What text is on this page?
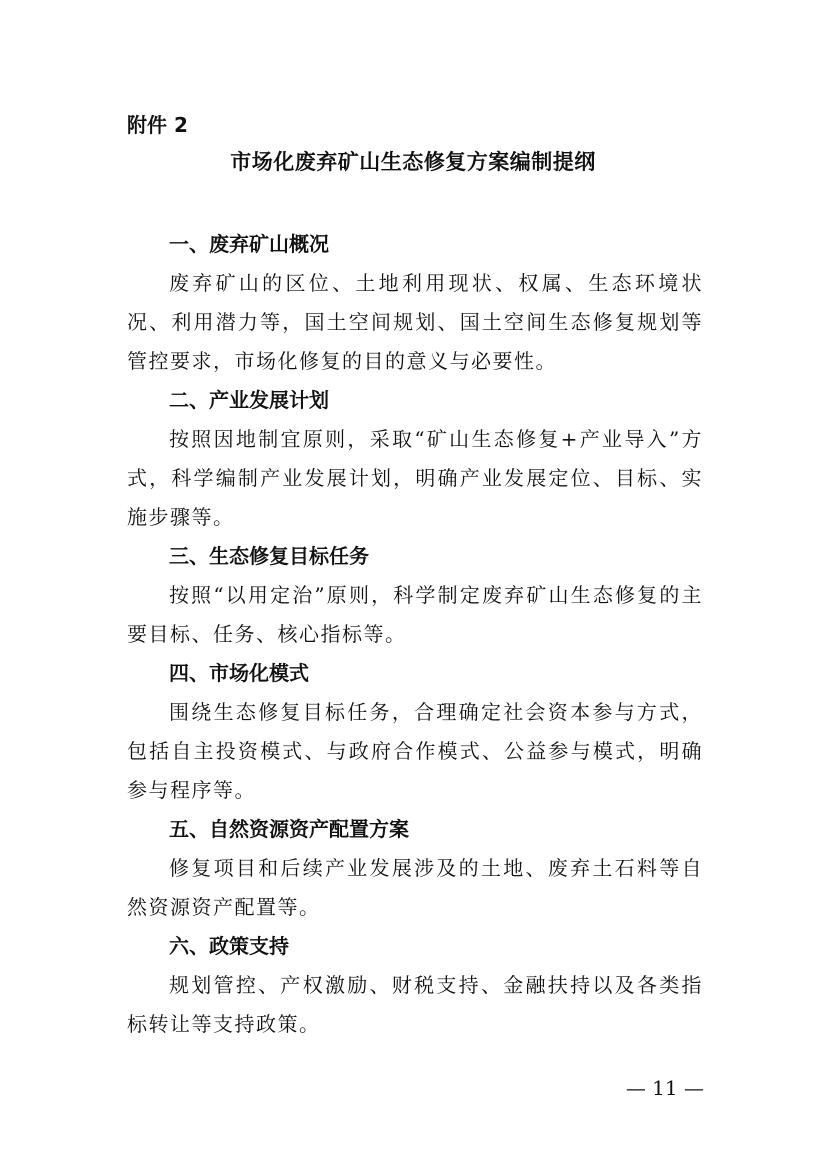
附件 2
市场化废弃矿山生态修复方案编制提纲
一、废弃矿山概况

废弃矿山的区位、土地利用现状、权属、生态环境状况、利用潜力等，国土空间规划、国土空间生态修复规划等管控要求，市场化修复的目的意义与必要性。

二、产业发展计划

按照因地制宜原则，采取“矿山生态修复+产业导入”方式，科学编制产业发展计划，明确产业发展定位、目标、实施步骤等。

三、生态修复目标任务

按照“以用定治”原则，科学制定废弃矿山生态修复的主要目标、任务、核心指标等。

四、市场化模式

围绕生态修复目标任务，合理确定社会资本参与方式，包括自主投资模式、与政府合作模式、公益参与模式，明确参与程序等。

五、自然资源资产配置方案

修复项目和后续产业发展涉及的土地、废弃土石料等自然资源资产配置等。

六、政策支持

规划管控、产权激励、财税支持、金融扶持以及各类指标转让等支持政策。

— 11 —
